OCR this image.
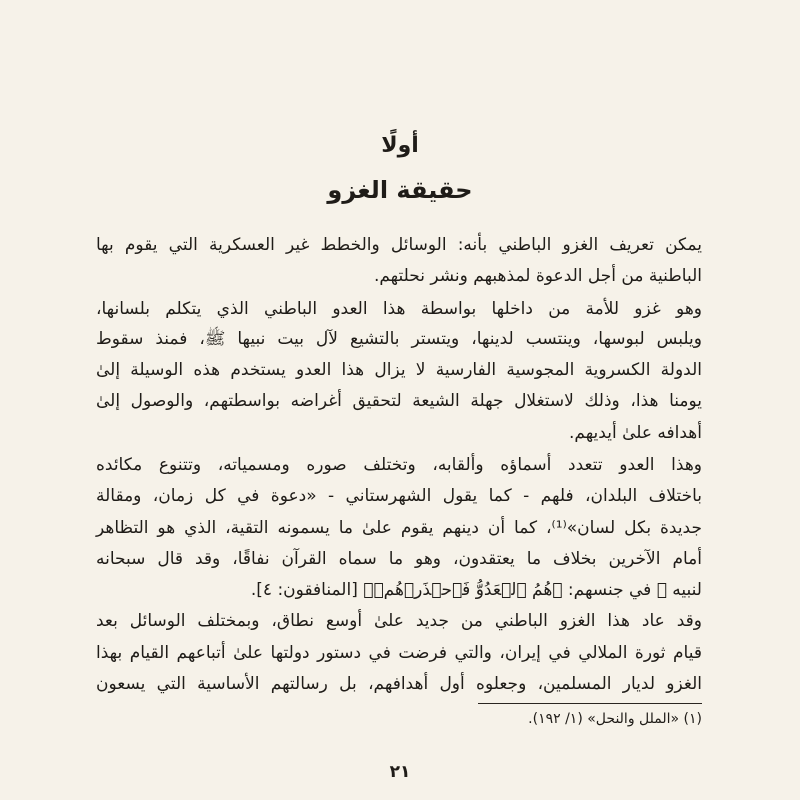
أولًا
حقيقة الغزو
يمكن تعريف الغزو الباطني بأنه: الوسائل والخطط غير العسكرية التي يقوم بها
الباطنية من أجل الدعوة لمذهبهم ونشر نحلتهم.
وهو غزو للأمة من داخلها بواسطة هذا العدو الباطني الذي يتكلم بلسانها،
ويلبس لبوسها، وينتسب لدينها، ويتستر بالتشيع لآل بيت نبيها ﷺ، فمنذ سقوط
الدولة الكسروية المجوسية الفارسية لا يزال هذا العدو يستخدم هذه الوسيلة إلىٰ
يومنا هذا، وذلك لاستغلال جهلة الشيعة لتحقيق أغراضه بواسطتهم، والوصول إلىٰ
أهدافه علىٰ أيديهم.
وهذا العدو تتعدد أسماؤه وألقابه، وتختلف صوره ومسمياته، وتتنوع مكائده
باختلاف البلدان، فلهم - كما يقول الشهرستاني - «دعوة في كل زمان، ومقالة
جديدة بكل لسان»⁽¹⁾، كما أن دينهم يقوم علىٰ ما يسمونه التقية، الذي هو التظاهر
أمام الآخرين بخلاف ما يعتقدون، وهو ما سماه القرآن نفاقًا، وقد قال سبحانه
لنبيه ﷺ في جنسهم: ﴿هُمُ ٱلۡعَدُوُّ فَٱحۡذَرۡهُمۡ﴾ [المنافقون: ٤].
وقد عاد هذا الغزو الباطني من جديد علىٰ أوسع نطاق، وبمختلف الوسائل بعد
قيام ثورة الملالي في إيران، والتي فرضت في دستور دولتها علىٰ أتباعهم القيام بهذا
الغزو لديار المسلمين، وجعلوه أول أهدافهم، بل رسالتهم الأساسية التي يسعون
(١) «الملل والنحل» (١/ ١٩٢).
٢١
